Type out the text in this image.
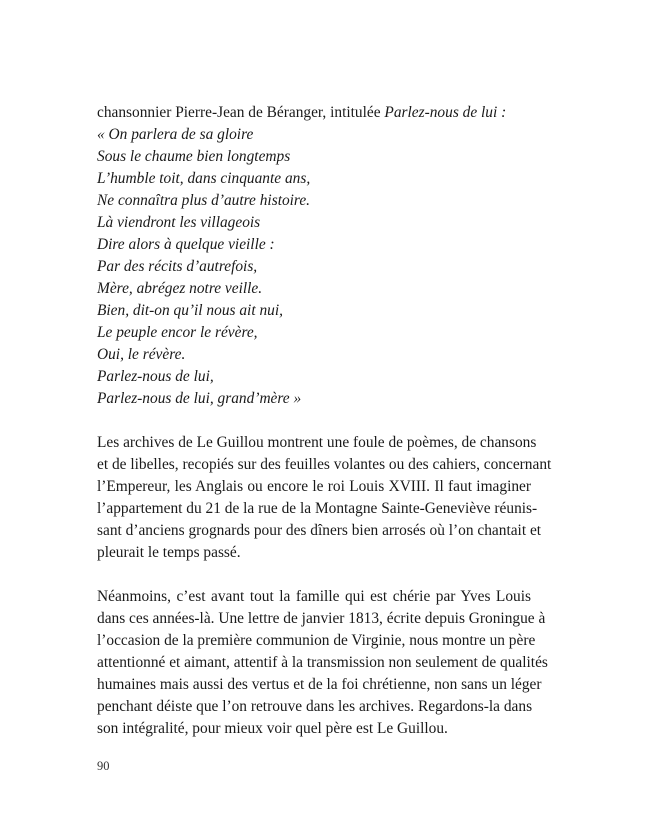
chansonnier Pierre-Jean de Béranger, intitulée Parlez-nous de lui :

« On parlera de sa gloire
Sous le chaume bien longtemps
L’humble toit, dans cinquante ans,
Ne connaîtra plus d’autre histoire.
Là viendront les villageois
Dire alors à quelque vieille :
Par des récits d’autrefois,
Mère, abrégez notre veille.
Bien, dit-on qu’il nous ait nui,
Le peuple encor le révère,
Oui, le révère.
Parlez-nous de lui,
Parlez-nous de lui, grand’mère »
Les archives de Le Guillou montrent une foule de poèmes, de chansons
et de libelles, recopiés sur des feuilles volantes ou des cahiers, concernant
l’Empereur, les Anglais ou encore le roi Louis XVIII. Il faut imaginer
l’appartement du 21 de la rue de la Montagne Sainte-Geneviève réunis-
sant d’anciens grognards pour des dîners bien arrosés où l’on chantait et
pleurait le temps passé.
Néanmoins, c’est avant tout la famille qui est chérie par Yves Louis
dans ces années-là. Une lettre de janvier 1813, écrite depuis Groningue à
l’occasion de la première communion de Virginie, nous montre un père
attentionné et aimant, attentif à la transmission non seulement de qualités
humaines mais aussi des vertus et de la foi chrétienne, non sans un léger
penchant déiste que l’on retrouve dans les archives. Regardons-la dans
son intégralité, pour mieux voir quel père est Le Guillou.
90
